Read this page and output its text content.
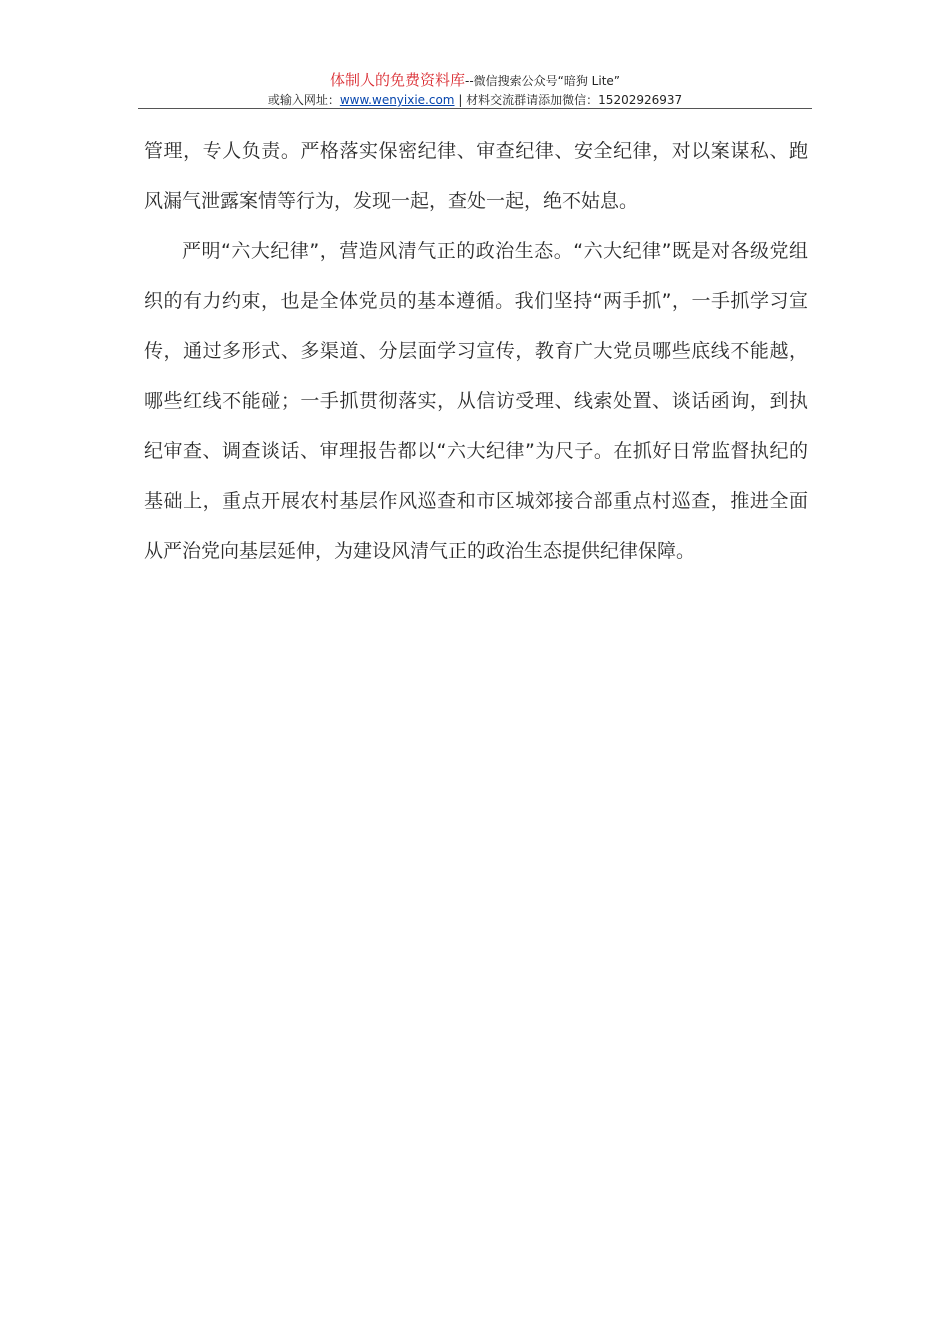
体制人的免费资料库--微信搜索公众号“暗狗 Lite”
或输入网址：www.wenyixie.com | 材料交流群请添加微信：15202926937

管理，专人负责。严格落实保密纪律、审查纪律、安全纪律，对以案谋私、跑风漏气泄露案情等行为，发现一起，查处一起，绝不姑息。

严明“六大纪律”，营造风清气正的政治生态。“六大纪律”既是对各级党组织的有力约束，也是全体党员的基本遵循。我们坚持“两手抓”，一手抓学习宣传，通过多形式、多渠道、分层面学习宣传，教育广大党员哪些底线不能越，哪些红线不能碰；一手抓贯彻落实，从信访受理、线索处置、谈话函询，到执纪审查、调查谈话、审理报告都以“六大纪律”为尺子。在抓好日常监督执纪的基础上，重点开展农村基层作风巡查和市区城郊接合部重点村巡查，推进全面从严治党向基层延伸，为建设风清气正的政治生态提供纪律保障。
